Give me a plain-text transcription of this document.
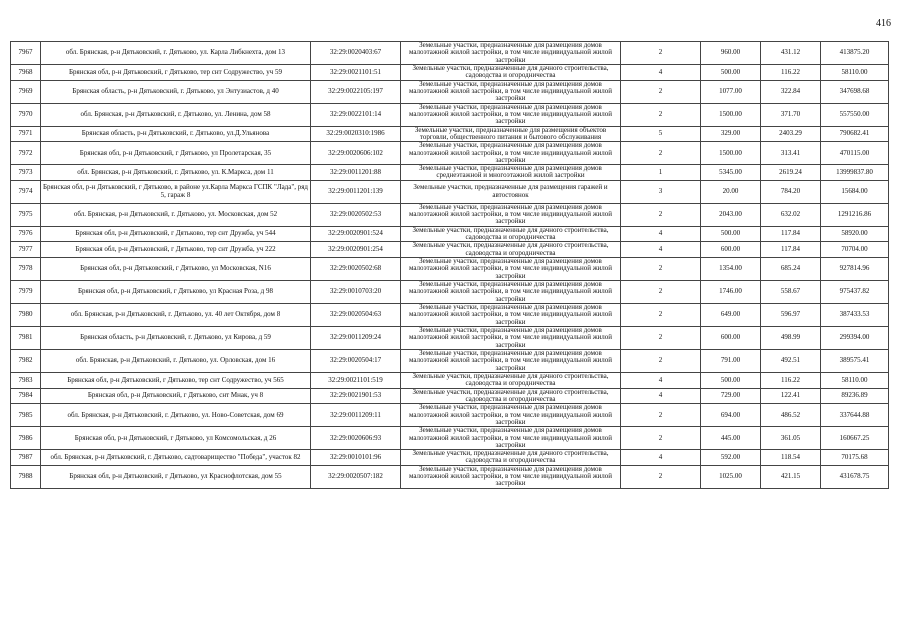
416
7967	обл. Брянская, р-н Дятьковский, г. Дятьково, ул. Карла Либкнехта, дом 13	32:29:0020403:67	Земельные участки, предназначенные для размещения домов малоэтажной жилой застройки, в том числе индивидуальной жилой застройки	2	960.00	431.12	413875.20
7968	Брянская обл, р-н Дятьковский, г Дятьково, тер снт Содружество, уч 59	32:29:0021101:51	Земельные участки, предназначенные для дачного строительства, садоводства и огородничества	4	500.00	116.22	58110.00
7969	Брянская область, р-н Дятьковский, г. Дятьково, ул Энтузиастов, д 40	32:29:0022105:197	Земельные участки, предназначенные для размещения домов малоэтажной жилой застройки, в том числе индивидуальной жилой застройки	2	1077.00	322.84	347698.68
7970	обл. Брянская, р-н Дятьковский, г. Дятьково, ул. Ленина, дом 58	32:29:0022101:14	Земельные участки, предназначенные для размещения домов малоэтажной жилой застройки, в том числе индивидуальной жилой застройки	2	1500.00	371.70	557550.00
7971	Брянская область, р-н Дятьковский, г. Дятьково, ул.Д.Ульянова	32:29:0020310:1986	Земельные участки, предназначенные для размещения объектов торговли, общественного питания и бытового обслуживания	5	329.00	2403.29	790682.41
7972	Брянская обл, р-н Дятьковский, г Дятьково, ул Пролетарская, 35	32:29:0020606:102	Земельные участки, предназначенные для размещения домов малоэтажной жилой застройки, в том числе индивидуальной жилой застройки	2	1500.00	313.41	470115.00
7973	обл. Брянская, р-н Дятьковский, г. Дятьково, ул. К.Маркса, дом 11	32:29:0011201:88	Земельные участки, предназначенные для размещения домов среднеэтажной и многоэтажной жилой застройки	1	5345.00	2619.24	13999837.80
7974	Брянская обл, р-н Дятьковский, г Дятьково, в районе ул.Карла Маркса ГСПК "Лада", ряд 5, гараж 8	32:29:0011201:139	Земельные участки, предназначенные для размещения гаражей и автостоянок	3	20.00	784.20	15684.00
7975	обл. Брянская, р-н Дятьковский, г. Дятьково, ул. Московская, дом 52	32:29:0020502:53	Земельные участки, предназначенные для размещения домов малоэтажной жилой застройки, в том числе индивидуальной жилой застройки	2	2043.00	632.02	1291216.86
7976	Брянская обл, р-н Дятьковский, г Дятьково, тер снт Дружба, уч 544	32:29:0020901:524	Земельные участки, предназначенные для дачного строительства, садоводства и огородничества	4	500.00	117.84	58920.00
7977	Брянская обл, р-н Дятьковский, г Дятьково, тер снт Дружба, уч 222	32:29:0020901:254	Земельные участки, предназначенные для дачного строительства, садоводства и огородничества	4	600.00	117.84	70704.00
7978	Брянская обл, р-н Дятьковский, г Дятьково, ул Московская, N16	32:29:0020502:68	Земельные участки, предназначенные для размещения домов малоэтажной жилой застройки, в том числе индивидуальной жилой застройки	2	1354.00	685.24	927814.96
7979	Брянская обл, р-н Дятьковский, г Дятьково, ул Красная Роза, д 98	32:29:0010703:20	Земельные участки, предназначенные для размещения домов малоэтажной жилой застройки, в том числе индивидуальной жилой застройки	2	1746.00	558.67	975437.82
7980	обл. Брянская, р-н Дятьковский, г. Дятьково, ул. 40 лет Октября, дом 8	32:29:0020504:63	Земельные участки, предназначенные для размещения домов малоэтажной жилой застройки, в том числе индивидуальной жилой застройки	2	649.00	596.97	387433.53
7981	Брянская область, р-н Дятьковский, г. Дятьково, ул Кирова, д 59	32:29:0011209:24	Земельные участки, предназначенные для размещения домов малоэтажной жилой застройки, в том числе индивидуальной жилой застройки	2	600.00	498.99	299394.00
7982	обл. Брянская, р-н Дятьковский, г. Дятьково, ул. Орловская, дом 16	32:29:0020504:17	Земельные участки, предназначенные для размещения домов малоэтажной жилой застройки, в том числе индивидуальной жилой застройки	2	791.00	492.51	389575.41
7983	Брянская обл, р-н Дятьковский, г Дятьково, тер снт Содружество, уч 565	32:29:0021101:519	Земельные участки, предназначенные для дачного строительства, садоводства и огородничества	4	500.00	116.22	58110.00
7984	Брянская обл, р-н Дятьковский, г Дятьково, снт Мнак, уч 8	32:29:0021901:53	Земельные участки, предназначенные для дачного строительства, садоводства и огородничества	4	729.00	122.41	89236.89
7985	обл. Брянская, р-н Дятьковский, г. Дятьково, ул. Ново-Советская, дом 69	32:29:0011209:11	Земельные участки, предназначенные для размещения домов малоэтажной жилой застройки, в том числе индивидуальной жилой застройки	2	694.00	486.52	337644.88
7986	Брянская обл, р-н Дятьковский, г Дятьково, ул Комсомольская, д 26	32:29:0020606:93	Земельные участки, предназначенные для размещения домов малоэтажной жилой застройки, в том числе индивидуальной жилой застройки	2	445.00	361.05	160667.25
7987	обл. Брянская, р-н Дятьковский, г. Дятьково, садтоварищество "Победа", участок 82	32:29:0010101:96	Земельные участки, предназначенные для дачного строительства, садоводства и огородничества	4	592.00	118.54	70175.68
7988	Брянская обл, р-н Дятьковский, г Дятьково, ул Краснофлотская, дом 55	32:29:0020507:182	Земельные участки, предназначенные для размещения домов малоэтажной жилой застройки, в том числе индивидуальной жилой застройки	2	1025.00	421.15	431678.75
